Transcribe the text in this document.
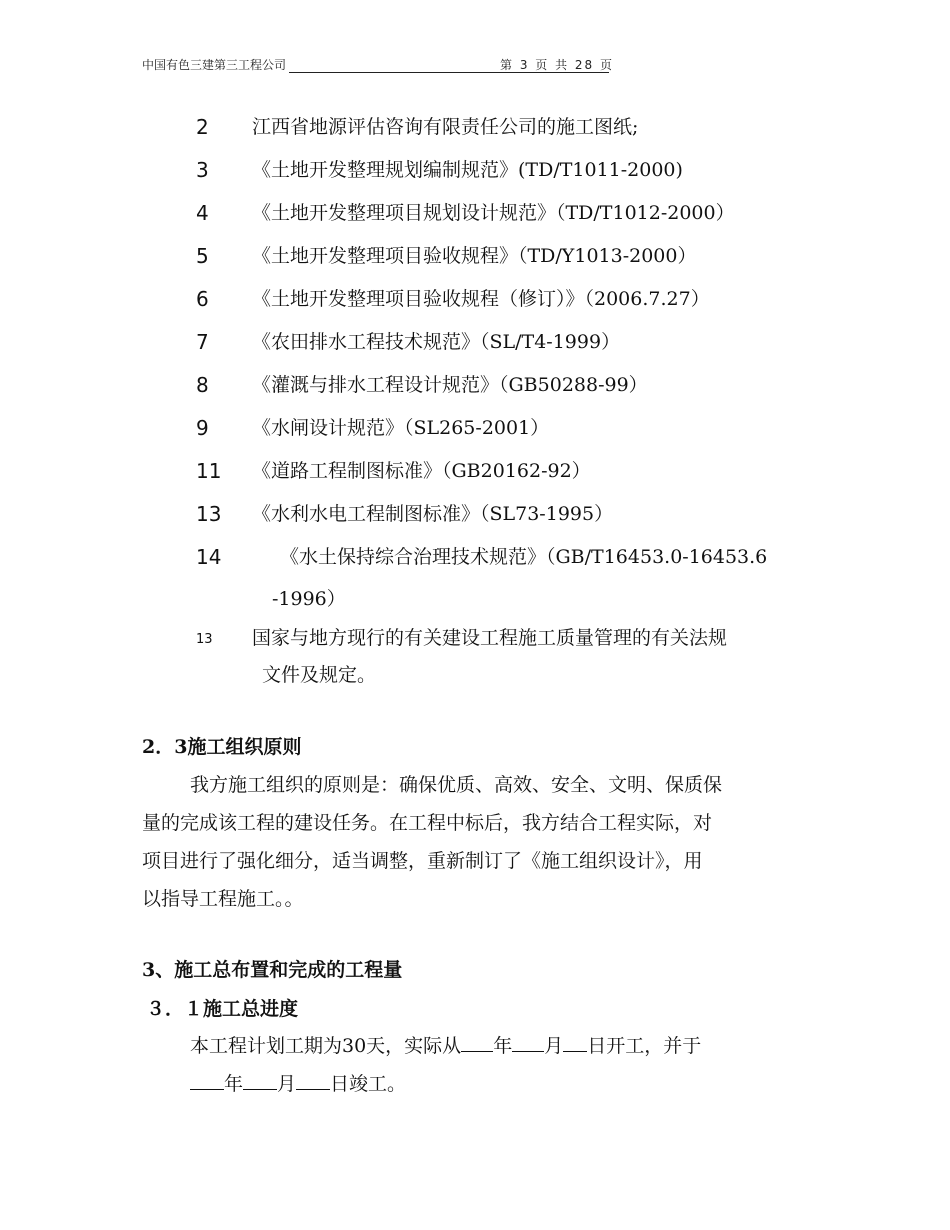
中国有色三建第三工程公司	第 3 页 共 28 页
2 江西省地源评估咨询有限责任公司的施工图纸;
3 《土地开发整理规划编制规范》(TD/T1011-2000)
4 《土地开发整理项目规划设计规范》（TD/T1012-2000）
5 《土地开发整理项目验收规程》（TD/Y1013-2000）
6 《土地开发整理项目验收规程（修订）》（2006.7.27）
7 《农田排水工程技术规范》（SL/T4-1999）
8 《灌溉与排水工程设计规范》（GB50288-99）
9 《水闸设计规范》（SL265-2001）
11 《道路工程制图标准》（GB20162-92）
13 《水利水电工程制图标准》（SL73-1995）
14	《水土保持综合治理技术规范》（GB/T16453.0-16453.6
-1996）
13 国家与地方现行的有关建设工程施工质量管理的有关法规
文件及规定。
2．3施工组织原则
我方施工组织的原则是：确保优质、高效、安全、文明、保质保
量的完成该工程的建设任务。在工程中标后，我方结合工程实际，对
项目进行了强化细分，适当调整，重新制订了《施工组织设计》，用
以指导工程施工。。
3、施工总布置和完成的工程量
３．１施工总进度
本工程计划工期为30天，实际从 年 月 日开工，并于
年 月 日竣工。
